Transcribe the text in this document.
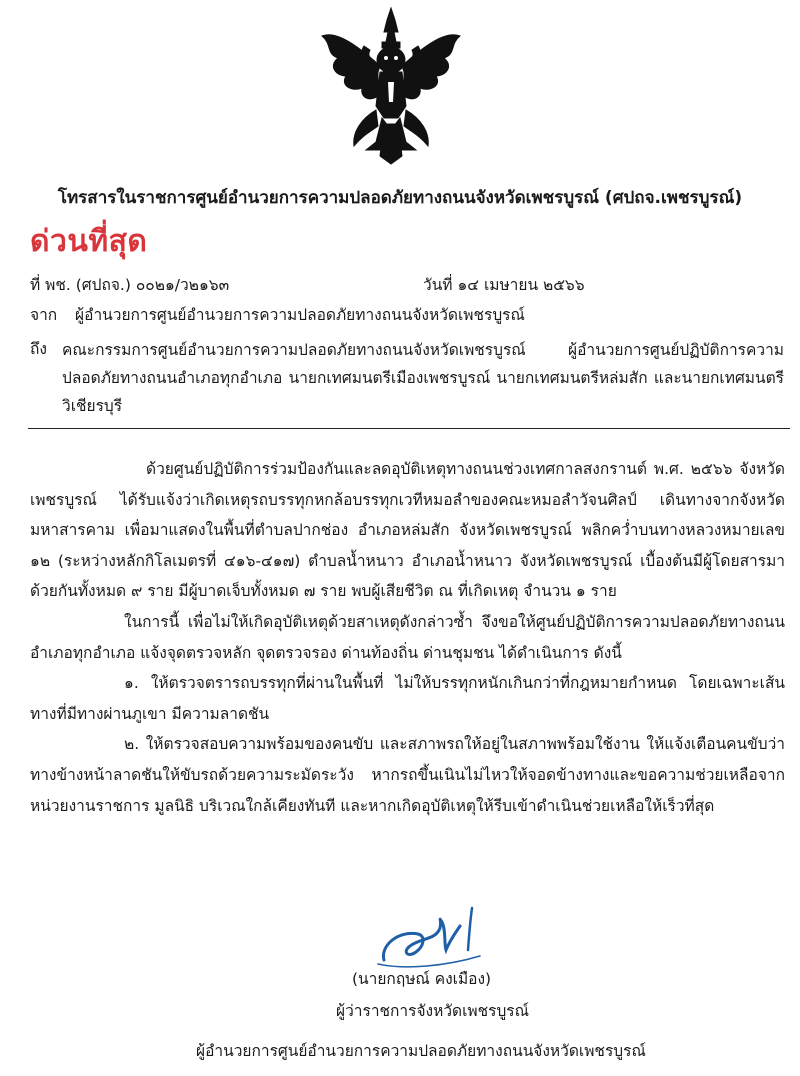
โทรสารในราชการศูนย์อำนวยการความปลอดภัยทางถนนจังหวัดเพชรบูรณ์ (ศปถจ.เพชรบูรณ์)
ด่วนที่สุด
ที่ พช. (ศปถจ.) ๐๐๒๑/ว๒๑๖๓	วันที่ ๑๔ เมษายน ๒๕๖๖
จาก ผู้อำนวยการศูนย์อำนวยการความปลอดภัยทางถนนจังหวัดเพชรบูรณ์
ถึง คณะกรรมการศูนย์อำนวยการความปลอดภัยทางถนนจังหวัดเพชรบูรณ์ ผู้อำนวยการศูนย์ปฏิบัติการความปลอดภัยทางถนนอำเภอทุกอำเภอ นายกเทศมนตรีเมืองเพชรบูรณ์ นายกเทศมนตรีหล่มสัก และนายกเทศมนตรีวิเชียรบุรี

ด้วยศูนย์ปฏิบัติการร่วมป้องกันและลดอุบัติเหตุทางถนนช่วงเทศกาลสงกรานต์ พ.ศ. ๒๕๖๖ จังหวัดเพชรบูรณ์ ได้รับแจ้งว่าเกิดเหตุรถบรรทุกหกล้อบรรทุกเวทีหมอลำของคณะหมอลำวัจนศิลป์ เดินทางจากจังหวัดมหาสารคาม เพื่อมาแสดงในพื้นที่ตำบลปากช่อง อำเภอหล่มสัก จังหวัดเพชรบูรณ์ พลิกคว่ำบนทางหลวงหมายเลข ๑๒ (ระหว่างหลักกิโลเมตรที่ ๔๑๖-๔๑๗) ตำบลน้ำหนาว อำเภอน้ำหนาว จังหวัดเพชรบูรณ์ เบื้องต้นมีผู้โดยสารมาด้วยกันทั้งหมด ๙ ราย มีผู้บาดเจ็บทั้งหมด ๗ ราย พบผู้เสียชีวิต ณ ที่เกิดเหตุ จำนวน ๑ ราย

ในการนี้ เพื่อไม่ให้เกิดอุบัติเหตุด้วยสาเหตุดังกล่าวซ้ำ จึงขอให้ศูนย์ปฏิบัติการความปลอดภัยทางถนนอำเภอทุกอำเภอ แจ้งจุดตรวจหลัก จุดตรวจรอง ด่านท้องถิ่น ด่านชุมชน ได้ดำเนินการ ดังนี้

๑. ให้ตรวจตรารถบรรทุกที่ผ่านในพื้นที่ ไม่ให้บรรทุกหนักเกินกว่าที่กฎหมายกำหนด โดยเฉพาะเส้นทางที่มีทางผ่านภูเขา มีความลาดชัน

๒. ให้ตรวจสอบความพร้อมของคนขับ และสภาพรถให้อยู่ในสภาพพร้อมใช้งาน ให้แจ้งเตือนคนขับว่าทางข้างหน้าลาดชันให้ขับรถด้วยความระมัดระวัง หากรถขึ้นเนินไม่ไหวให้จอดข้างทางและขอความช่วยเหลือจากหน่วยงานราชการ มูลนิธิ บริเวณใกล้เคียงทันที และหากเกิดอุบัติเหตุให้รีบเข้าดำเนินช่วยเหลือให้เร็วที่สุด

(นายกฤษณ์ คงเมือง)
ผู้ว่าราชการจังหวัดเพชรบูรณ์
ผู้อำนวยการศูนย์อำนวยการความปลอดภัยทางถนนจังหวัดเพชรบูรณ์
